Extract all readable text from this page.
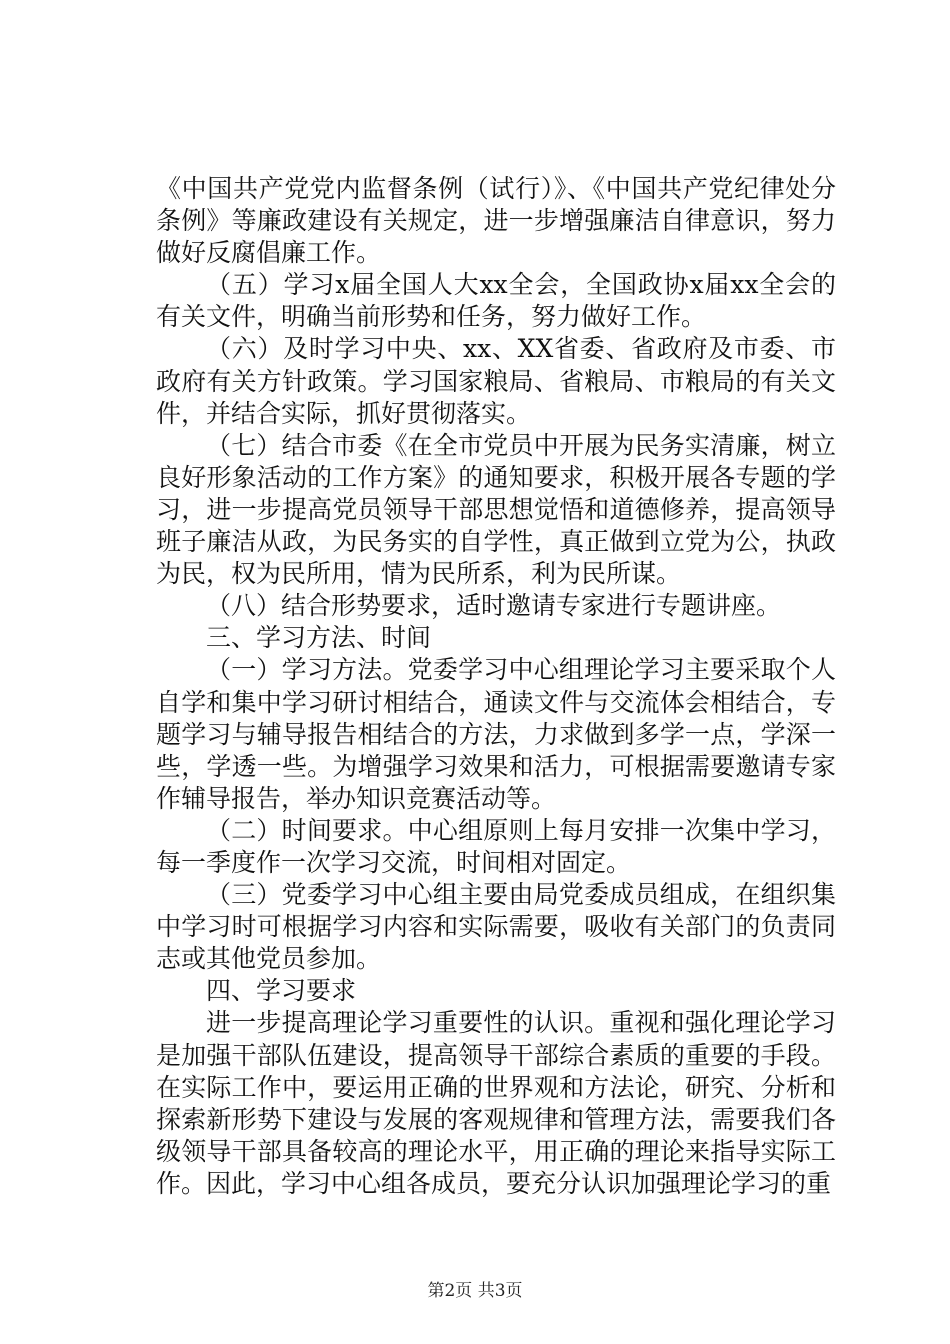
《中国共产党党内监督条例（试行）》、《中国共产党纪律处分条例》等廉政建设有关规定，进一步增强廉洁自律意识，努力做好反腐倡廉工作。

（五）学习x届全国人大xx全会，全国政协x届xx全会的有关文件，明确当前形势和任务，努力做好工作。

（六）及时学习中央、xx、XX省委、省政府及市委、市政府有关方针政策。学习国家粮局、省粮局、市粮局的有关文件，并结合实际，抓好贯彻落实。

（七）结合市委《在全市党员中开展为民务实清廉，树立良好形象活动的工作方案》的通知要求，积极开展各专题的学习，进一步提高党员领导干部思想觉悟和道德修养，提高领导班子廉洁从政，为民务实的自学性，真正做到立党为公，执政为民，权为民所用，情为民所系，利为民所谋。

（八）结合形势要求，适时邀请专家进行专题讲座。

三、学习方法、时间

（一）学习方法。党委学习中心组理论学习主要采取个人自学和集中学习研讨相结合，通读文件与交流体会相结合，专题学习与辅导报告相结合的方法，力求做到多学一点，学深一些，学透一些。为增强学习效果和活力，可根据需要邀请专家作辅导报告，举办知识竞赛活动等。

（二）时间要求。中心组原则上每月安排一次集中学习，每一季度作一次学习交流，时间相对固定。

（三）党委学习中心组主要由局党委成员组成，在组织集中学习时可根据学习内容和实际需要，吸收有关部门的负责同志或其他党员参加。

四、学习要求

进一步提高理论学习重要性的认识。重视和强化理论学习是加强干部队伍建设，提高领导干部综合素质的重要的手段。在实际工作中，要运用正确的世界观和方法论，研究、分析和探索新形势下建设与发展的客观规律和管理方法，需要我们各级领导干部具备较高的理论水平，用正确的理论来指导实际工作。因此，学习中心组各成员，要充分认识加强理论学习的重

第2页 共3页
